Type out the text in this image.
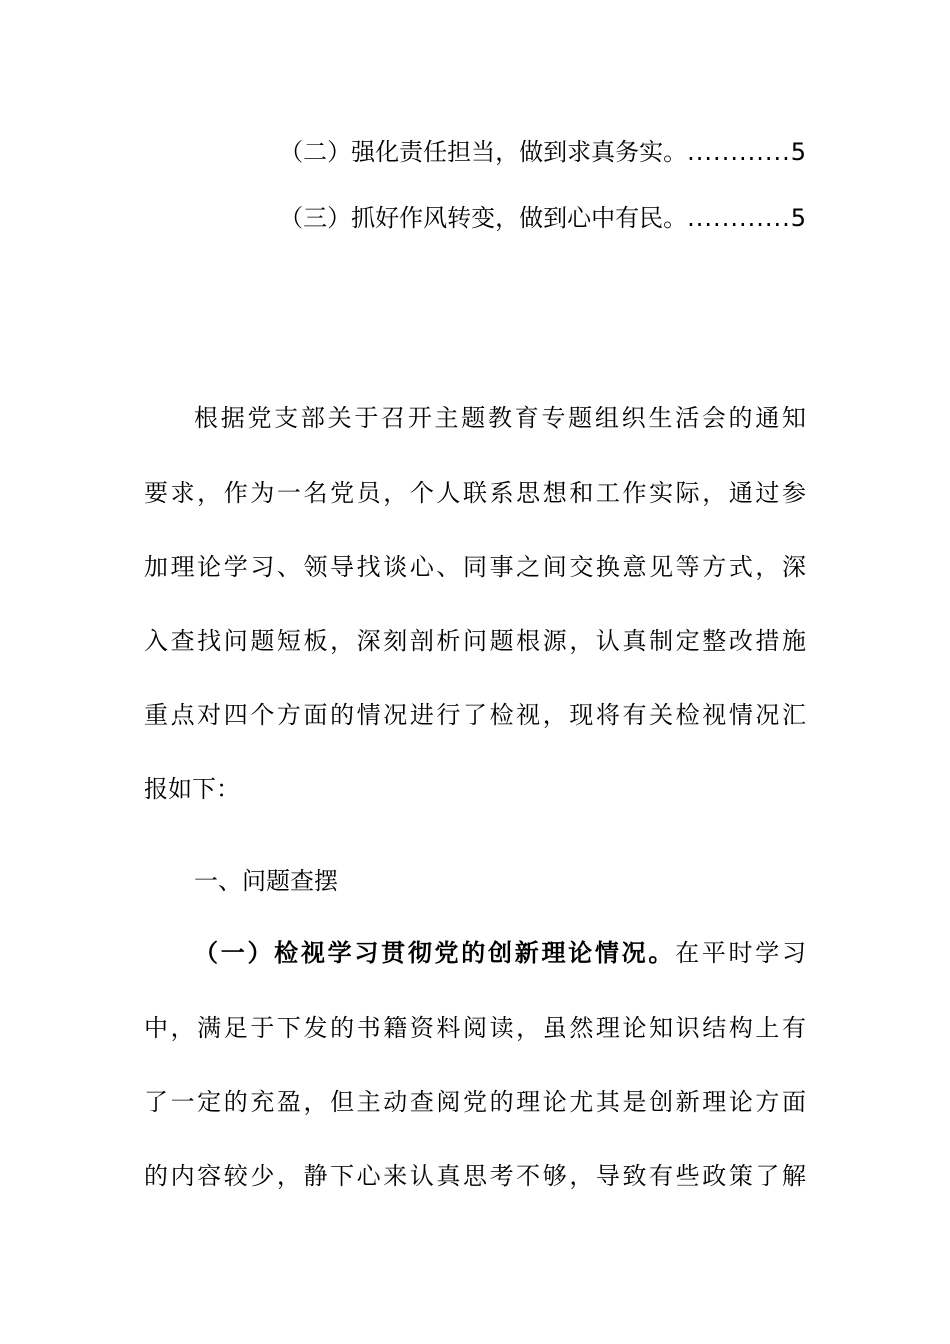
（二）强化责任担当，做到求真务实。............5
（三）抓好作风转变，做到心中有民。............5
根据党支部关于召开主题教育专题组织生活会的通知
要求，作为一名党员，个人联系思想和工作实际，通过参
加理论学习、领导找谈心、同事之间交换意见等方式，深
入查找问题短板，深刻剖析问题根源，认真制定整改措施
重点对四个方面的情况进行了检视，现将有关检视情况汇
报如下：
一、问题查摆
（一）检视学习贯彻党的创新理论情况。在平时学习
中，满足于下发的书籍资料阅读，虽然理论知识结构上有
了一定的充盈，但主动查阅党的理论尤其是创新理论方面
的内容较少，静下心来认真思考不够，导致有些政策了解
